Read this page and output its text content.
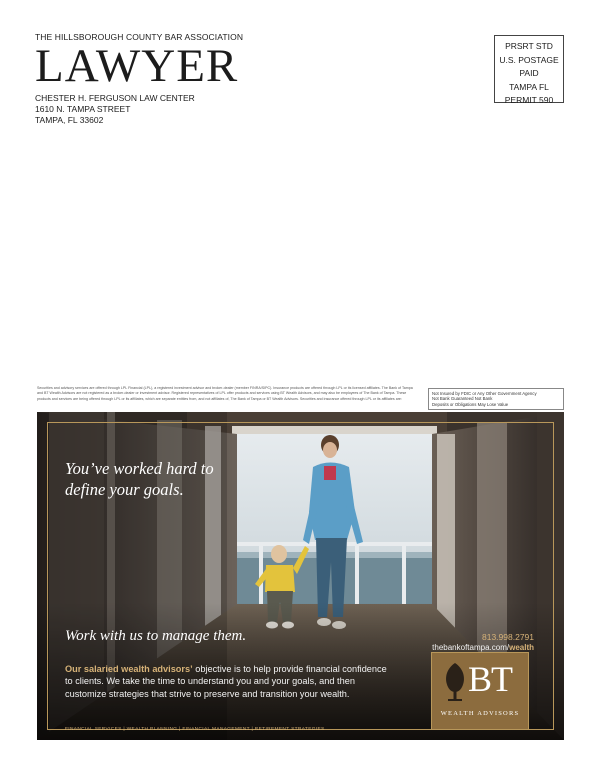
THE HILLSBOROUGH COUNTY BAR ASSOCIATION
LAWYER
CHESTER H. FERGUSON LAW CENTER
1610 N. TAMPA STREET
TAMPA, FL 33602
PRSRT STD
U.S. POSTAGE
PAID
TAMPA FL
PERMIT 590
Securities and advisory services are offered through LPL Financial (LPL), a registered investment advisor and broker-dealer (member FINRA/SIPC). Insurance products are offered through LPL or its licensed affiliates. The Bank of Tampa and BT Wealth Advisors are not registered as a broker-dealer or investment advisor. Registered representatives of LPL offer products and services using BT Wealth Advisors, and may also be employees of The Bank of Tampa. These products and services are being offered through LPL or its affiliates, which are separate entities from, and not affiliates of, The Bank of Tampa or BT Wealth Advisors. Securities and insurance offered through LPL or its affiliates are:
Not Insured by FDIC or Any Other Government Agency
Not Bank Guaranteed Not Bank
Deposits or Obligations May Lose Value
You’ve worked hard to
define your goals.
Work with us to manage them.	813.998.2791
thebankoftampa.com/wealth
Our salaried wealth advisors’ objective is to help provide financial confidence to clients. We take the time to understand you and your goals, and then customize strategies that strive to preserve and transition your wealth.
FINANCIAL SERVICES | WEALTH PLANNING | FINANCIAL MANAGEMENT | RETIREMENT STRATEGIES
BT
WEALTH ADVISORS
